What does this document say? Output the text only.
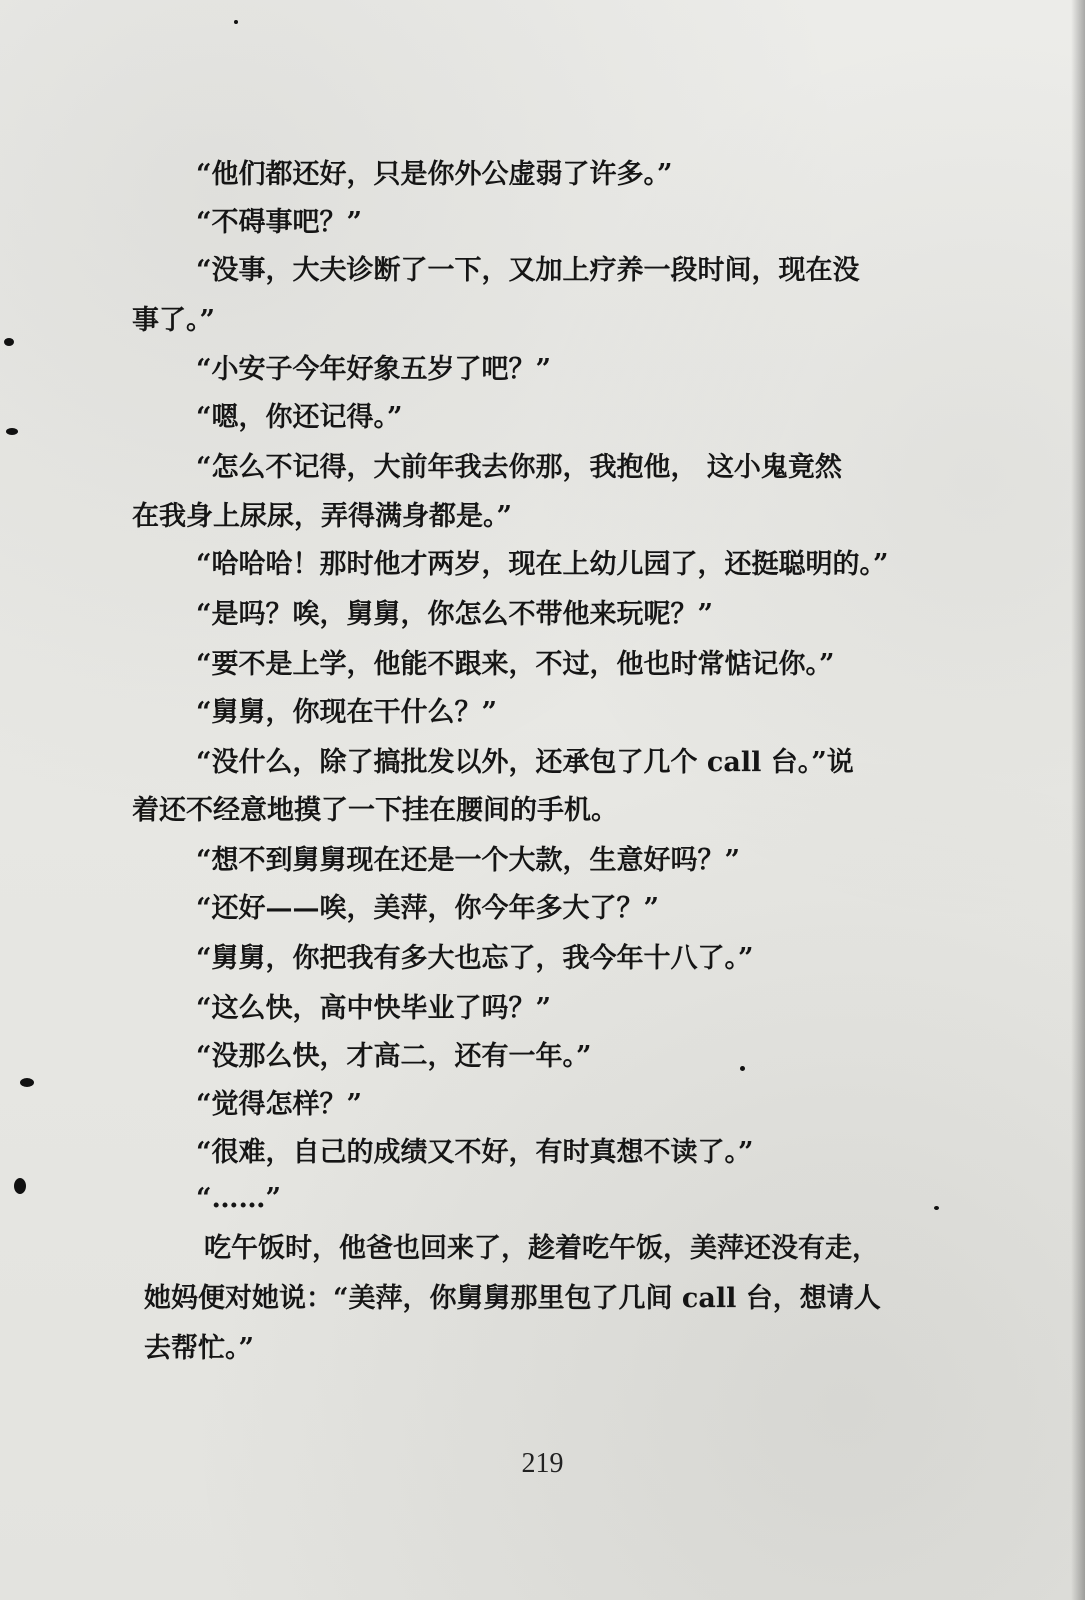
“他们都还好，只是你外公虚弱了许多。”
“不碍事吧？”
“没事，大夫诊断了一下，又加上疗养一段时间，现在没
事了。”
“小安子今年好象五岁了吧？”
“嗯，你还记得。”
“怎么不记得，大前年我去你那，我抱他， 这小鬼竟然
在我身上尿尿，弄得满身都是。”
“哈哈哈！那时他才两岁，现在上幼儿园了，还挺聪明的。”
“是吗？唉，舅舅，你怎么不带他来玩呢？”
“要不是上学，他能不跟来，不过，他也时常惦记你。”
“舅舅，你现在干什么？”
“没什么，除了搞批发以外，还承包了几个 call 台。”说
着还不经意地摸了一下挂在腰间的手机。
“想不到舅舅现在还是一个大款，生意好吗？”
“还好——唉，美萍，你今年多大了？”
“舅舅，你把我有多大也忘了，我今年十八了。”
“这么快，高中快毕业了吗？”
“没那么快，才高二，还有一年。”
“觉得怎样？”
“很难，自己的成绩又不好，有时真想不读了。”
“……”
吃午饭时，他爸也回来了，趁着吃午饭，美萍还没有走，
她妈便对她说：“美萍，你舅舅那里包了几间 call 台，想请人
去帮忙。”
219
